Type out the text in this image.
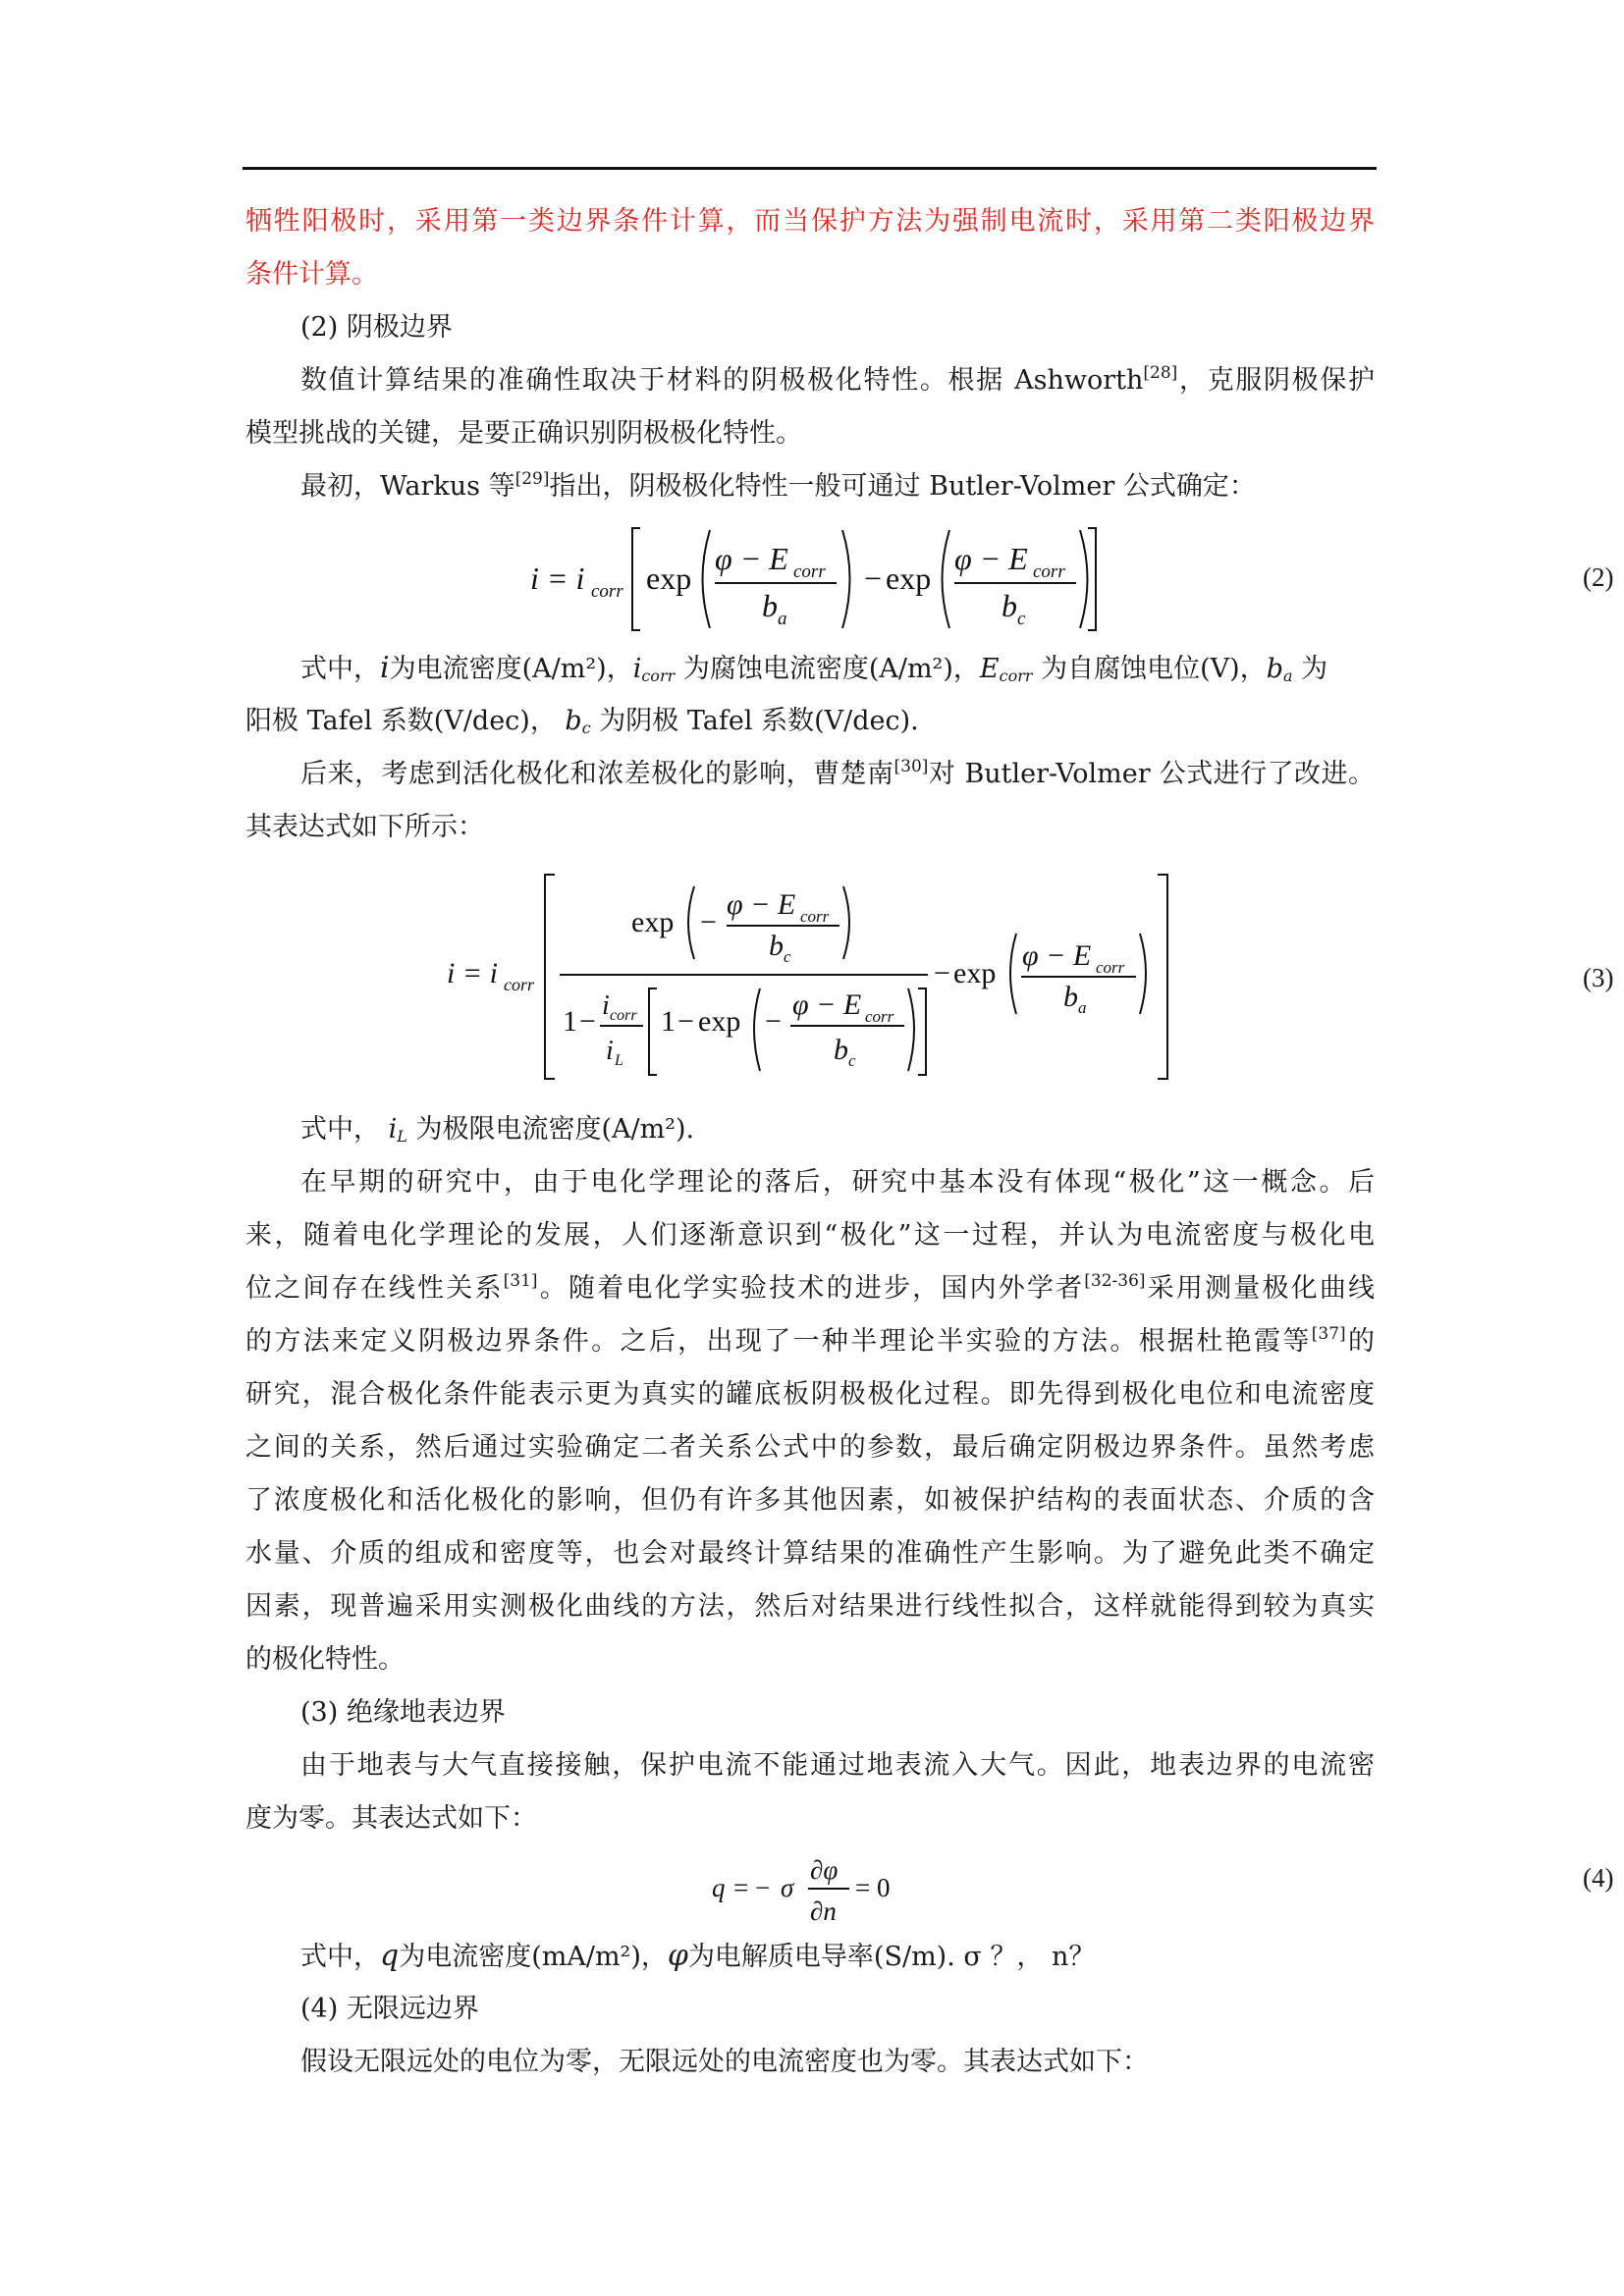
牺牲阳极时，采用第一类边界条件计算，而当保护方法为强制电流时，采用第二类阳极边界
条件计算。
(2) 阴极边界
数值计算结果的准确性取决于材料的阴极极化特性。根据 Ashworth[28]，克服阴极保护
模型挑战的关键，是要正确识别阴极极化特性。
最初，Warkus 等[29]指出，阴极极化特性一般可通过 Butler-Volmer 公式确定：
i = i corr exp
φ − E corr
b a
− exp
φ − E corr
b c
(2)
式中，i为电流密度(A/m²)，icorr 为腐蚀电流密度(A/m²)，Ecorr 为自腐蚀电位(V)，ba 为
阳极 Tafel 系数(V/dec)， bc 为阴极 Tafel 系数(V/dec).
后来，考虑到活化极化和浓差极化的影响，曹楚南[30]对 Butler-Volmer 公式进行了改进。
其表达式如下所示：
i = i corr
exp −
φ − E corr
b c
1 − i corr
i L
1 − exp −
φ − E corr
b c
− exp
φ − E corr
b a
(3)
式中， iL 为极限电流密度(A/m²).
在早期的研究中，由于电化学理论的落后，研究中基本没有体现“极化”这一概念。后
来，随着电化学理论的发展，人们逐渐意识到“极化”这一过程，并认为电流密度与极化电
位之间存在线性关系[31]。随着电化学实验技术的进步，国内外学者[32-36]采用测量极化曲线
的方法来定义阴极边界条件。之后，出现了一种半理论半实验的方法。根据杜艳霞等[37]的
研究，混合极化条件能表示更为真实的罐底板阴极极化过程。即先得到极化电位和电流密度
之间的关系，然后通过实验确定二者关系公式中的参数，最后确定阴极边界条件。虽然考虑
了浓度极化和活化极化的影响，但仍有许多其他因素，如被保护结构的表面状态、介质的含
水量、介质的组成和密度等，也会对最终计算结果的准确性产生影响。为了避免此类不确定
因素，现普遍采用实测极化曲线的方法，然后对结果进行线性拟合，这样就能得到较为真实
的极化特性。
(3) 绝缘地表边界
由于地表与大气直接接触，保护电流不能通过地表流入大气。因此，地表边界的电流密
度为零。其表达式如下：
q = − σ
∂φ
∂n
= 0	(4)
式中，q为电流密度(mA/m²)，φ为电解质电导率(S/m). σ ？， n？
(4) 无限远边界
假设无限远处的电位为零，无限远处的电流密度也为零。其表达式如下：
